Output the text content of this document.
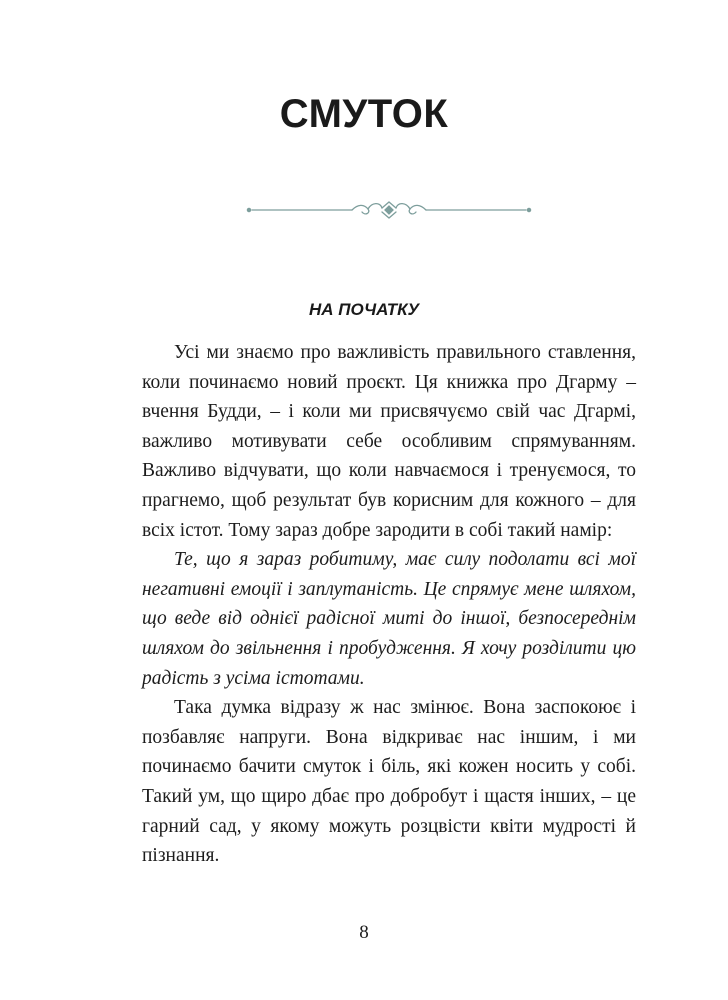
СМУТОК
НА ПОЧАТКУ

Усі ми знаємо про важливість правильного ставлення, коли починаємо новий проєкт. Ця книжка про Дгарму – вчення Будди, – і коли ми присвячуємо свій час Дгармі, важливо мотивувати себе особливим спрямуванням. Важливо відчувати, що коли навчаємося і тренуємося, то прагнемо, щоб результат був корисним для кожного – для всіх істот. Тому зараз добре зародити в собі такий намір:

Те, що я зараз робитиму, має силу подолати всі мої негативні емоції і заплутаність. Це спрямує мене шляхом, що веде від однієї радісної миті до іншої, безпосереднім шляхом до звільнення і пробудження. Я хочу розділити цю радість з усіма істотами.

Така думка відразу ж нас змінює. Вона заспокоює і позбавляє напруги. Вона відкриває нас іншим, і ми починаємо бачити смуток і біль, які кожен носить у собі. Такий ум, що щиро дбає про добробут і щастя інших, – це гарний сад, у якому можуть розцвісти квіти мудрості й пізнання.

8
